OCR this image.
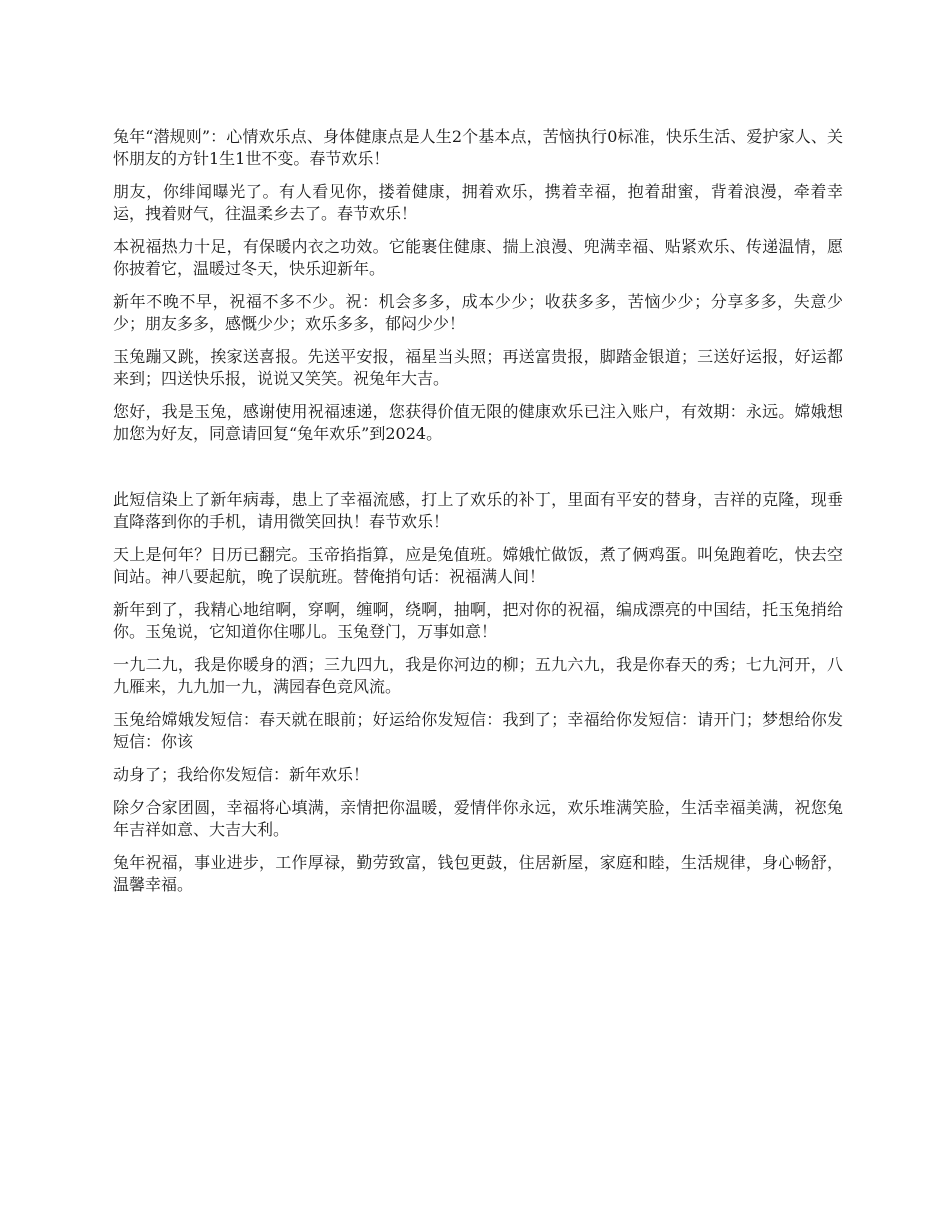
兔年“潜规则”：心情欢乐点、身体健康点是人生2个基本点，苦恼执行0标准，快乐生活、爱护家人、关怀朋友的方针1生1世不变。春节欢乐！

朋友，你绯闻曝光了。有人看见你，搂着健康，拥着欢乐，携着幸福，抱着甜蜜，背着浪漫，牵着幸运，拽着财气，往温柔乡去了。春节欢乐！

本祝福热力十足，有保暖内衣之功效。它能裹住健康、揣上浪漫、兜满幸福、贴紧欢乐、传递温情，愿你披着它，温暖过冬天，快乐迎新年。

新年不晚不早，祝福不多不少。祝：机会多多，成本少少；收获多多，苦恼少少；分享多多，失意少少；朋友多多，感慨少少；欢乐多多，郁闷少少！

玉兔蹦又跳，挨家送喜报。先送平安报，福星当头照；再送富贵报，脚踏金银道；三送好运报，好运都来到；四送快乐报，说说又笑笑。祝兔年大吉。

您好，我是玉兔，感谢使用祝福速递，您获得价值无限的健康欢乐已注入账户，有效期：永远。嫦娥想加您为好友，同意请回复“兔年欢乐”到2024。

此短信染上了新年病毒，患上了幸福流感，打上了欢乐的补丁，里面有平安的替身，吉祥的克隆，现垂直降落到你的手机，请用微笑回执！春节欢乐！

天上是何年？日历已翻完。玉帝掐指算，应是兔值班。嫦娥忙做饭，煮了俩鸡蛋。叫兔跑着吃，快去空间站。神八要起航，晚了误航班。替俺捎句话：祝福满人间！

新年到了，我精心地绾啊，穿啊，缠啊，绕啊，抽啊，把对你的祝福，编成漂亮的中国结，托玉兔捎给你。玉兔说，它知道你住哪儿。玉兔登门，万事如意！

一九二九，我是你暖身的酒；三九四九，我是你河边的柳；五九六九，我是你春天的秀；七九河开，八九雁来，九九加一九，满园春色竞风流。

玉兔给嫦娥发短信：春天就在眼前；好运给你发短信：我到了；幸福给你发短信：请开门；梦想给你发短信：你该

动身了；我给你发短信：新年欢乐！

除夕合家团圆，幸福将心填满，亲情把你温暖，爱情伴你永远，欢乐堆满笑脸，生活幸福美满，祝您兔年吉祥如意、大吉大利。

兔年祝福，事业进步，工作厚禄，勤劳致富，钱包更鼓，住居新屋，家庭和睦，生活规律，身心畅舒，温馨幸福。
